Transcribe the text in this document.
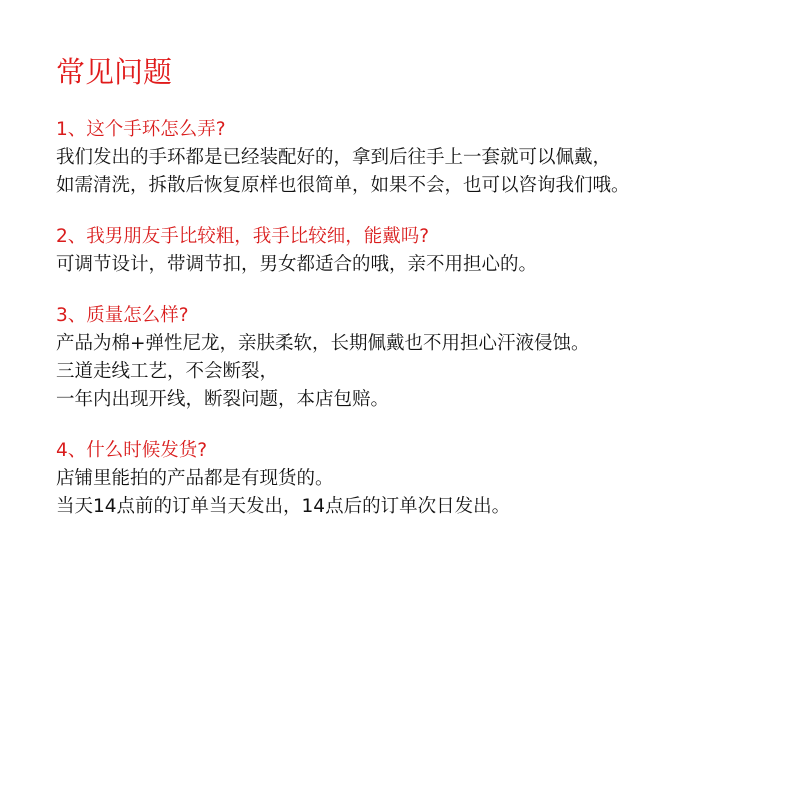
常见问题

1、这个手环怎么弄?

我们发出的手环都是已经装配好的，拿到后往手上一套就可以佩戴，

如需清洗，拆散后恢复原样也很简单，如果不会，也可以咨询我们哦。

2、我男朋友手比较粗，我手比较细，能戴吗?

可调节设计，带调节扣，男女都适合的哦，亲不用担心的。

3、质量怎么样?

产品为棉+弹性尼龙，亲肤柔软，长期佩戴也不用担心汗液侵蚀。

三道走线工艺，不会断裂，

一年内出现开线，断裂问题，本店包赔。

4、什么时候发货?

店铺里能拍的产品都是有现货的。

当天14点前的订单当天发出，14点后的订单次日发出。
